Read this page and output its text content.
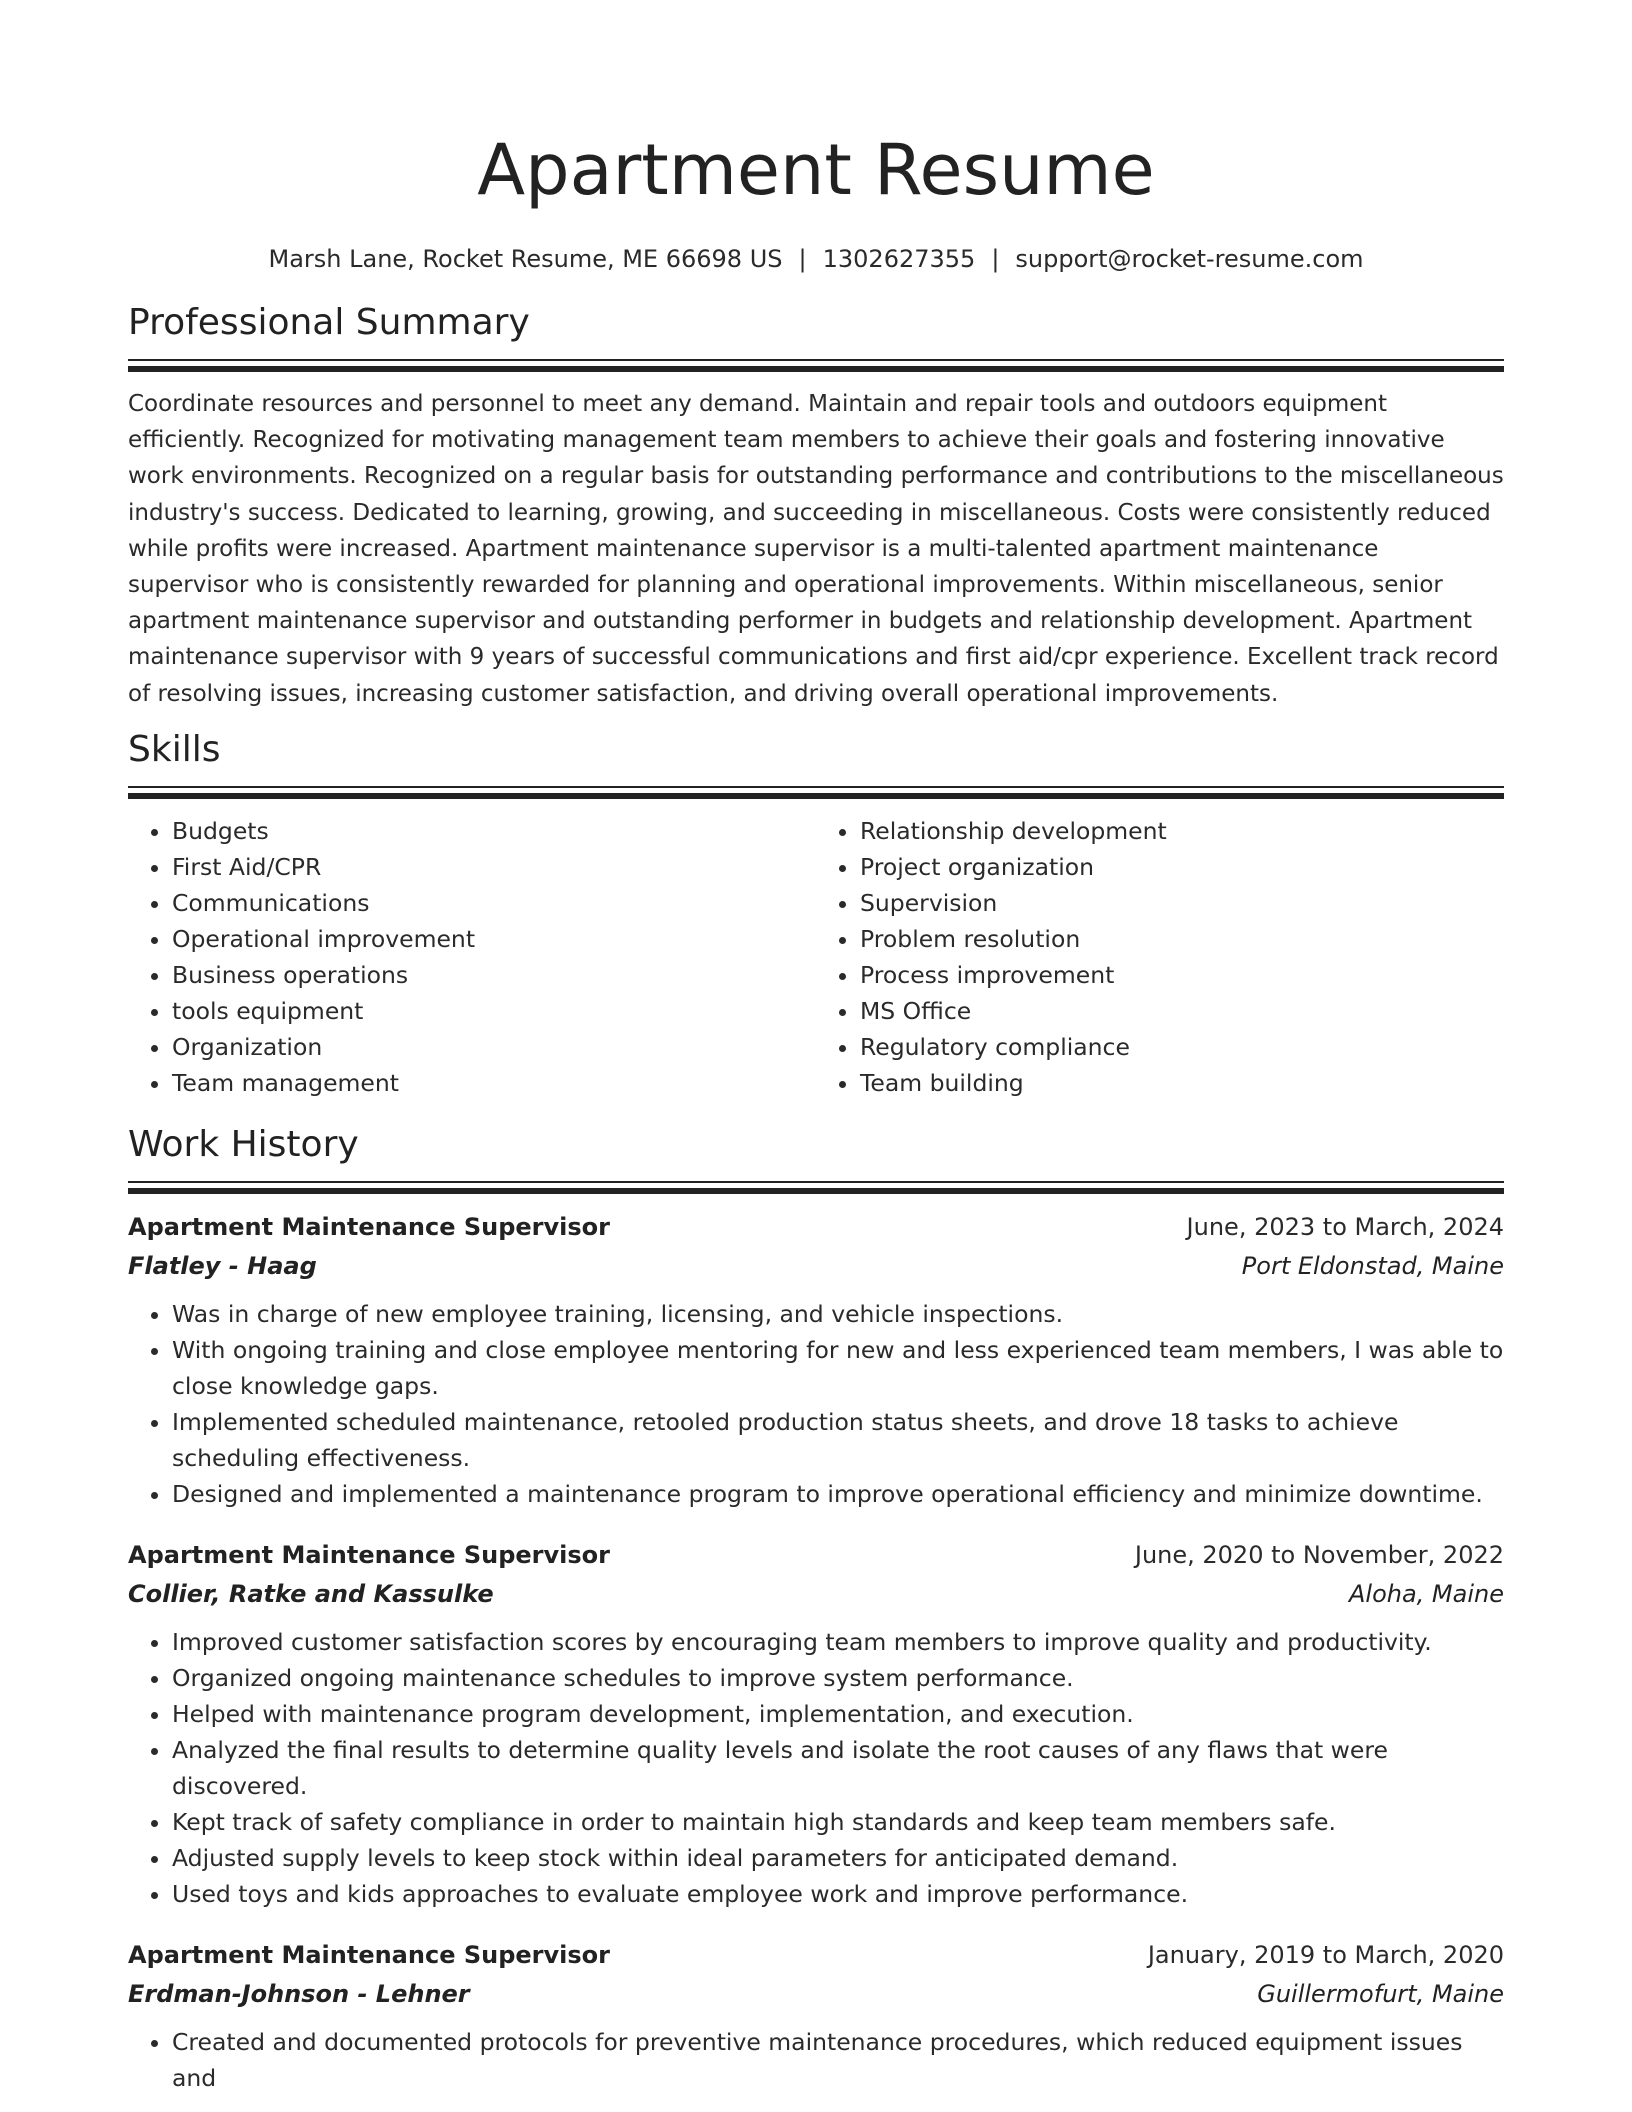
Apartment Resume
Marsh Lane, Rocket Resume, ME 66698 US | 1302627355 | support@rocket-resume.com
Professional Summary

Coordinate resources and personnel to meet any demand. Maintain and repair tools and outdoors equipment efficiently. Recognized for motivating management team members to achieve their goals and fostering innovative work environments. Recognized on a regular basis for outstanding performance and contributions to the miscellaneous industry's success. Dedicated to learning, growing, and succeeding in miscellaneous. Costs were consistently reduced while profits were increased. Apartment maintenance supervisor is a multi-talented apartment maintenance supervisor who is consistently rewarded for planning and operational improvements. Within miscellaneous, senior apartment maintenance supervisor and outstanding performer in budgets and relationship development. Apartment maintenance supervisor with 9 years of successful communications and first aid/cpr experience. Excellent track record of resolving issues, increasing customer satisfaction, and driving overall operational improvements.

Skills
• Budgets
• First Aid/CPR
• Communications
• Operational improvement
• Business operations
• tools equipment
• Organization
• Team management
• Relationship development
• Project organization
• Supervision
• Problem resolution
• Process improvement
• MS Office
• Regulatory compliance
• Team building
Work History
Apartment Maintenance Supervisor	June, 2023 to March, 2024
Flatley - Haag	Port Eldonstad, Maine
• Was in charge of new employee training, licensing, and vehicle inspections.
• With ongoing training and close employee mentoring for new and less experienced team members, I was able to close knowledge gaps.
• Implemented scheduled maintenance, retooled production status sheets, and drove 18 tasks to achieve scheduling effectiveness.
• Designed and implemented a maintenance program to improve operational efficiency and minimize downtime.
Apartment Maintenance Supervisor	June, 2020 to November, 2022
Collier, Ratke and Kassulke	Aloha, Maine
• Improved customer satisfaction scores by encouraging team members to improve quality and productivity.
• Organized ongoing maintenance schedules to improve system performance.
• Helped with maintenance program development, implementation, and execution.
• Analyzed the final results to determine quality levels and isolate the root causes of any flaws that were discovered.
• Kept track of safety compliance in order to maintain high standards and keep team members safe.
• Adjusted supply levels to keep stock within ideal parameters for anticipated demand.
• Used toys and kids approaches to evaluate employee work and improve performance.
Apartment Maintenance Supervisor	January, 2019 to March, 2020
Erdman-Johnson - Lehner	Guillermofurt, Maine
• Created and documented protocols for preventive maintenance procedures, which reduced equipment issues and
